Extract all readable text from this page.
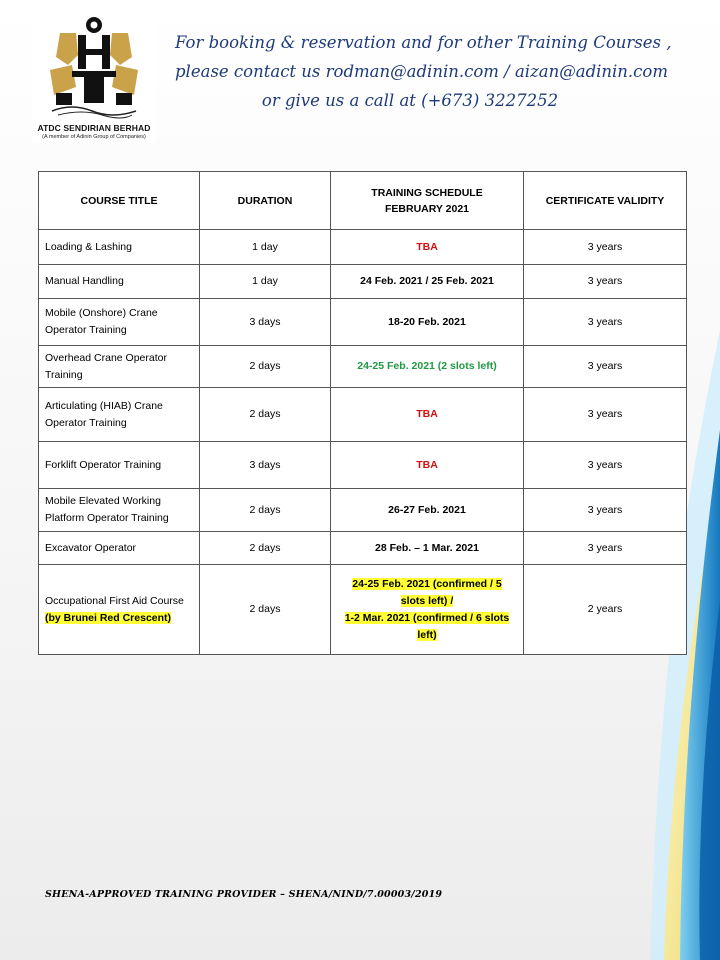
ATDC SENDIRIAN BERHAD
(A member of Adinin Group of Companies)
For booking & reservation and for other Training Courses ,
please contact us rodman@adinin.com / aizan@adinin.com
or give us a call at (+673) 3227252
COURSE TITLE	DURATION	TRAINING SCHEDULE
FEBRUARY 2021	CERTIFICATE VALIDITY
Loading & Lashing	1 day	TBA	3 years
Manual Handling	1 day	24 Feb. 2021 / 25 Feb. 2021	3 years
Mobile (Onshore) Crane
Operator Training	3 days	18-20 Feb. 2021	3 years
Overhead Crane Operator
Training	2 days	24-25 Feb. 2021 (2 slots left)	3 years
Articulating (HIAB) Crane
Operator Training	2 days	TBA	3 years
Forklift Operator Training	3 days	TBA	3 years
Mobile Elevated Working
Platform Operator Training	2 days	26-27 Feb. 2021	3 years
Excavator Operator	2 days	28 Feb. – 1 Mar. 2021	3 years
Occupational First Aid Course
(by Brunei Red Crescent)	2 days	24-25 Feb. 2021 (confirmed / 5
slots left) /
1-2 Mar. 2021 (confirmed / 6 slots
left)	2 years
SHENA-APPROVED TRAINING PROVIDER – SHENA/NIND/7.00003/2019
